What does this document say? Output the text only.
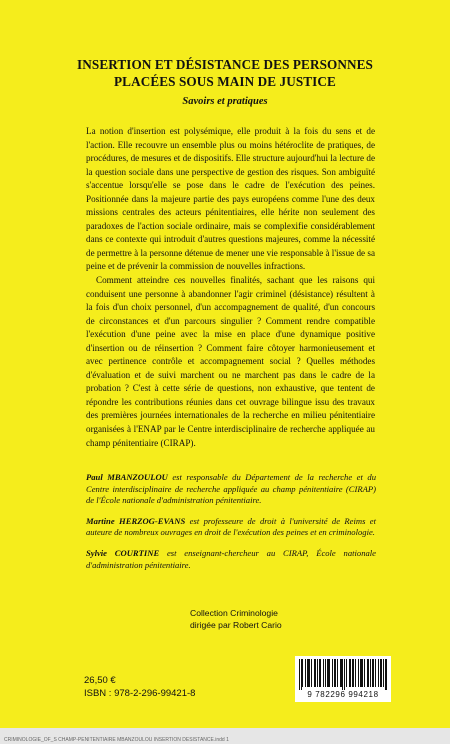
INSERTION ET DÉSISTANCE DES PERSONNES
PLACÉES SOUS MAIN DE JUSTICE
Savoirs et pratiques

La notion d'insertion est polysémique, elle produit à la fois du sens et de l'action. Elle recouvre un ensemble plus ou moins hétéroclite de pratiques, de procédures, de mesures et de dispositifs. Elle structure aujourd'hui la lecture de la question sociale dans une perspective de gestion des risques. Son ambiguïté s'accentue lorsqu'elle se pose dans le cadre de l'exécution des peines. Positionnée dans la majeure partie des pays européens comme l'une des deux missions centrales des acteurs pénitentiaires, elle hérite non seulement des paradoxes de l'action sociale ordinaire, mais se complexifie considérablement dans ce contexte qui introduit d'autres questions majeures, comme la nécessité de permettre à la personne détenue de mener une vie responsable à l'issue de sa peine et de prévenir la commission de nouvelles infractions.

Comment atteindre ces nouvelles finalités, sachant que les raisons qui conduisent une personne à abandonner l'agir criminel (désistance) résultent à la fois d'un choix personnel, d'un accompagnement de qualité, d'un concours de circonstances et d'un parcours singulier ? Comment rendre compatible l'exécution d'une peine avec la mise en place d'une dynamique positive d'insertion ou de réinsertion ? Comment faire côtoyer harmonieusement et avec pertinence contrôle et accompagnement social ? Quelles méthodes d'évaluation et de suivi marchent ou ne marchent pas dans le cadre de la probation ? C'est à cette série de questions, non exhaustive, que tentent de répondre les contributions réunies dans cet ouvrage bilingue issu des travaux des premières journées internationales de la recherche en milieu pénitentiaire organisées à l'ENAP par le Centre interdisciplinaire de recherche appliquée au champ pénitentiaire (CIRAP).

Paul MBANZOULOU est responsable du Département de la recherche et du Centre interdisciplinaire de recherche appliquée au champ pénitentiaire (CIRAP) de l'École nationale d'administration pénitentiaire.

Martine HERZOG-EVANS est professeure de droit à l'université de Reims et auteure de nombreux ouvrages en droit de l'exécution des peines et en criminologie.

Sylvie COURTINE est enseignant-chercheur au CIRAP, École nationale d'administration pénitentiaire.

Collection Criminologie
dirigée par Robert Cario
26,50 €
ISBN : 978-2-296-99421-8	9 782296 994218
CRIMINOLOGIE_OF_S CHAMP-PENITENTIAIRE MBANZOULOU INSERTION DESISTANCE.indd 1
